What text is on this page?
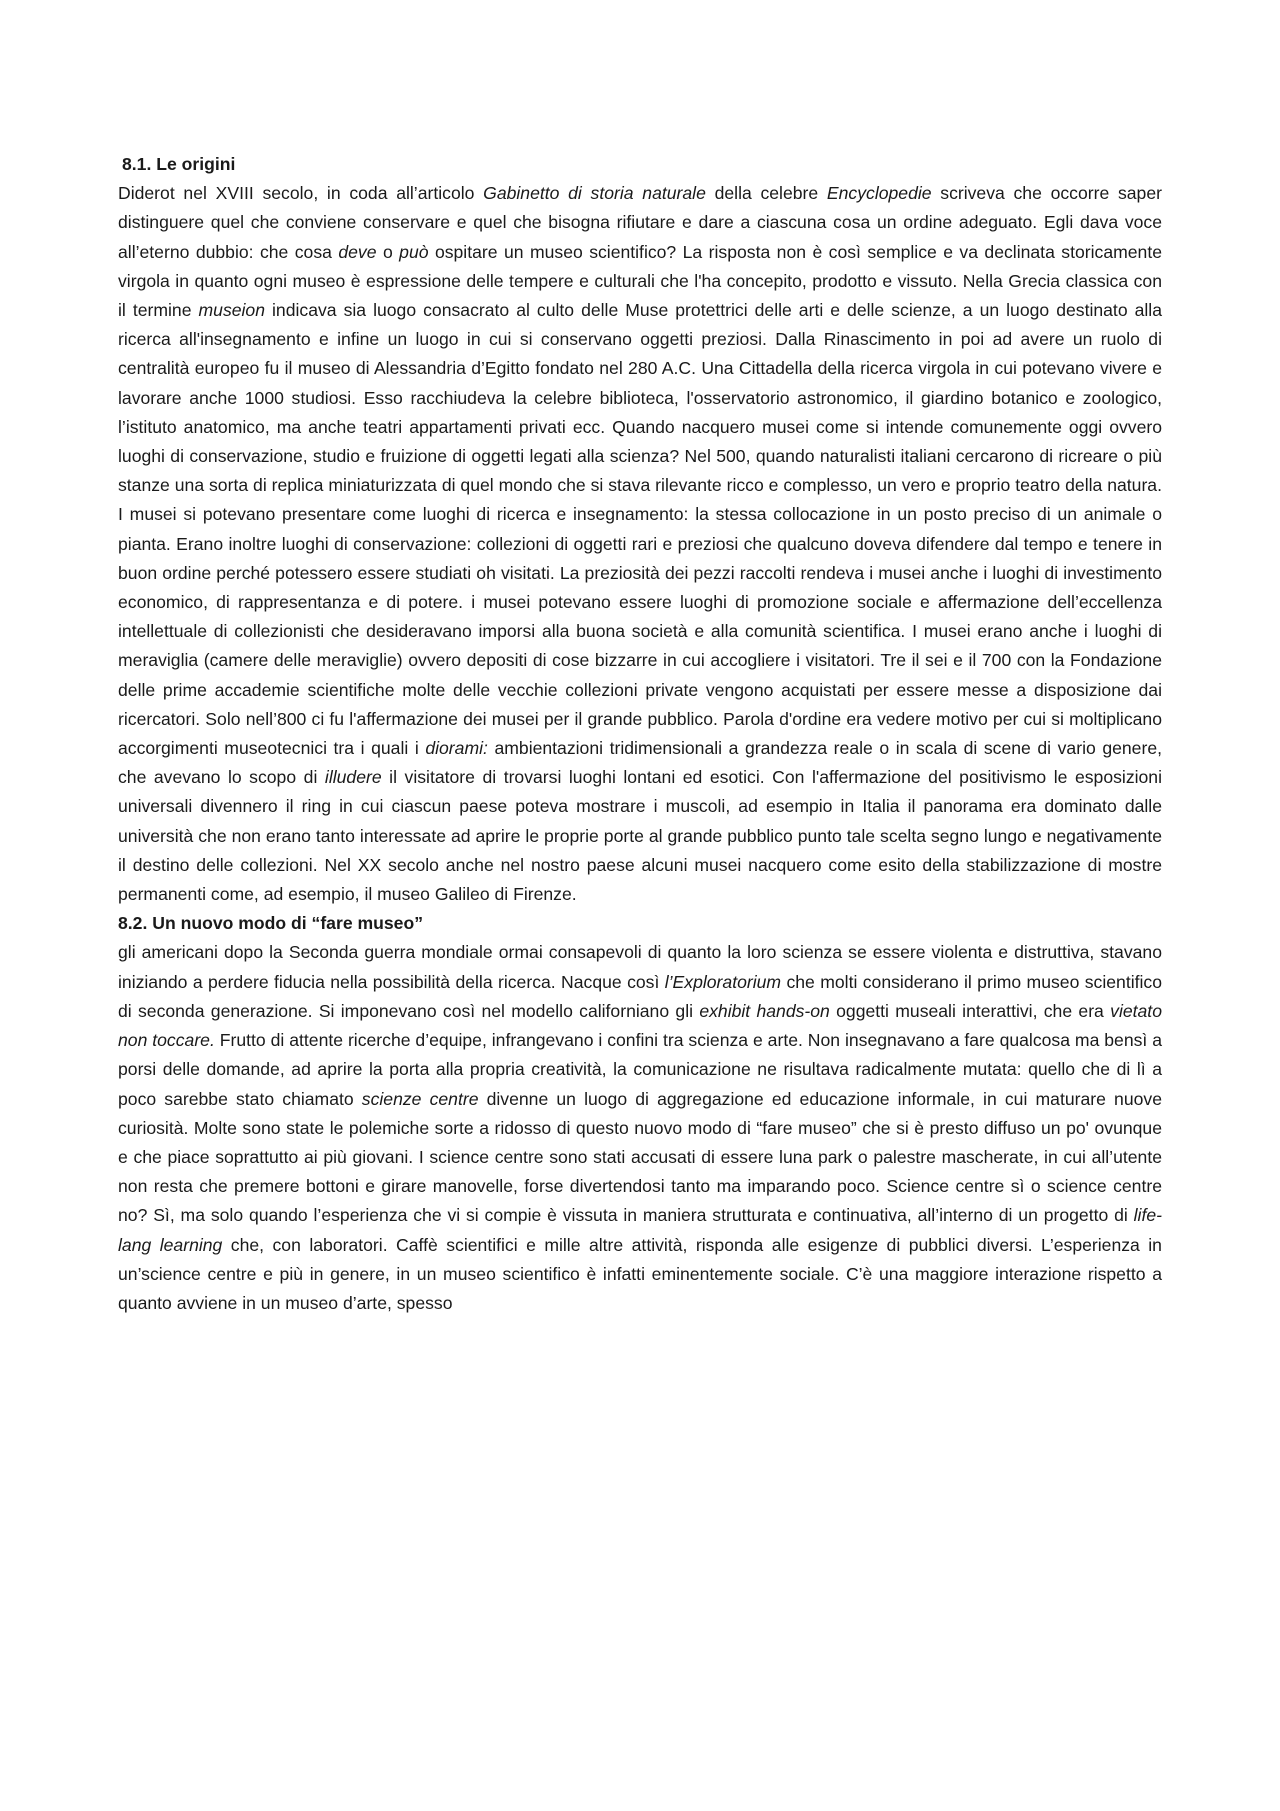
8.1. Le origini

Diderot nel XVIII secolo, in coda all’articolo Gabinetto di storia naturale della celebre Encyclopedie scriveva che occorre saper distinguere quel che conviene conservare e quel che bisogna rifiutare e dare a ciascuna cosa un ordine adeguato. Egli dava voce all’eterno dubbio: che cosa deve o può ospitare un museo scientifico? La risposta non è così semplice e va declinata storicamente virgola in quanto ogni museo è espressione delle tempere e culturali che l'ha concepito, prodotto e vissuto. Nella Grecia classica con il termine museion indicava sia luogo consacrato al culto delle Muse protettrici delle arti e delle scienze, a un luogo destinato alla ricerca all'insegnamento e infine un luogo in cui si conservano oggetti preziosi. Dalla Rinascimento in poi ad avere un ruolo di centralità europeo fu il museo di Alessandria d’Egitto fondato nel 280 A.C. Una Cittadella della ricerca virgola in cui potevano vivere e lavorare anche 1000 studiosi. Esso racchiudeva la celebre biblioteca, l'osservatorio astronomico, il giardino botanico e zoologico, l’istituto anatomico, ma anche teatri appartamenti privati ecc. Quando nacquero musei come si intende comunemente oggi ovvero luoghi di conservazione, studio e fruizione di oggetti legati alla scienza? Nel 500, quando naturalisti italiani cercarono di ricreare o più stanze una sorta di replica miniaturizzata di quel mondo che si stava rilevante ricco e complesso, un vero e proprio teatro della natura. I musei si potevano presentare come luoghi di ricerca e insegnamento: la stessa collocazione in un posto preciso di un animale o pianta. Erano inoltre luoghi di conservazione: collezioni di oggetti rari e preziosi che qualcuno doveva difendere dal tempo e tenere in buon ordine perché potessero essere studiati oh visitati. La preziosità dei pezzi raccolti rendeva i musei anche i luoghi di investimento economico, di rappresentanza e di potere. i musei potevano essere luoghi di promozione sociale e affermazione dell’eccellenza intellettuale di collezionisti che desideravano imporsi alla buona società e alla comunità scientifica. I musei erano anche i luoghi di meraviglia (camere delle meraviglie) ovvero depositi di cose bizzarre in cui accogliere i visitatori. Tre il sei e il 700 con la Fondazione delle prime accademie scientifiche molte delle vecchie collezioni private vengono acquistati per essere messe a disposizione dai ricercatori. Solo nell’800 ci fu l'affermazione dei musei per il grande pubblico. Parola d'ordine era vedere motivo per cui si moltiplicano accorgimenti museotecnici tra i quali i diorami: ambientazioni tridimensionali a grandezza reale o in scala di scene di vario genere, che avevano lo scopo di illudere il visitatore di trovarsi luoghi lontani ed esotici. Con l'affermazione del positivismo le esposizioni universali divennero il ring in cui ciascun paese poteva mostrare i muscoli, ad esempio in Italia il panorama era dominato dalle università che non erano tanto interessate ad aprire le proprie porte al grande pubblico punto tale scelta segno lungo e negativamente il destino delle collezioni. Nel XX secolo anche nel nostro paese alcuni musei nacquero come esito della stabilizzazione di mostre permanenti come, ad esempio, il museo Galileo di Firenze.

8.2. Un nuovo modo di “fare museo”

gli americani dopo la Seconda guerra mondiale ormai consapevoli di quanto la loro scienza se essere violenta e distruttiva, stavano iniziando a perdere fiducia nella possibilità della ricerca. Nacque così l’Exploratorium che molti considerano il primo museo scientifico di seconda generazione. Si imponevano così nel modello californiano gli exhibit hands-on oggetti museali interattivi, che era vietato non toccare. Frutto di attente ricerche d’equipe, infrangevano i confini tra scienza e arte. Non insegnavano a fare qualcosa ma bensì a porsi delle domande, ad aprire la porta alla propria creatività, la comunicazione ne risultava radicalmente mutata: quello che di lì a poco sarebbe stato chiamato scienze centre divenne un luogo di aggregazione ed educazione informale, in cui maturare nuove curiosità. Molte sono state le polemiche sorte a ridosso di questo nuovo modo di “fare museo” che si è presto diffuso un po' ovunque e che piace soprattutto ai più giovani. I science centre sono stati accusati di essere luna park o palestre mascherate, in cui all’utente non resta che premere bottoni e girare manovelle, forse divertendosi tanto ma imparando poco. Science centre sì o science centre no? Sì, ma solo quando l’esperienza che vi si compie è vissuta in maniera strutturata e continuativa, all’interno di un progetto di life-lang learning che, con laboratori. Caffè scientifici e mille altre attività, risponda alle esigenze di pubblici diversi. L’esperienza in un’science centre e più in genere, in un museo scientifico è infatti eminentemente sociale. C’è una maggiore interazione rispetto a quanto avviene in un museo d’arte, spesso
